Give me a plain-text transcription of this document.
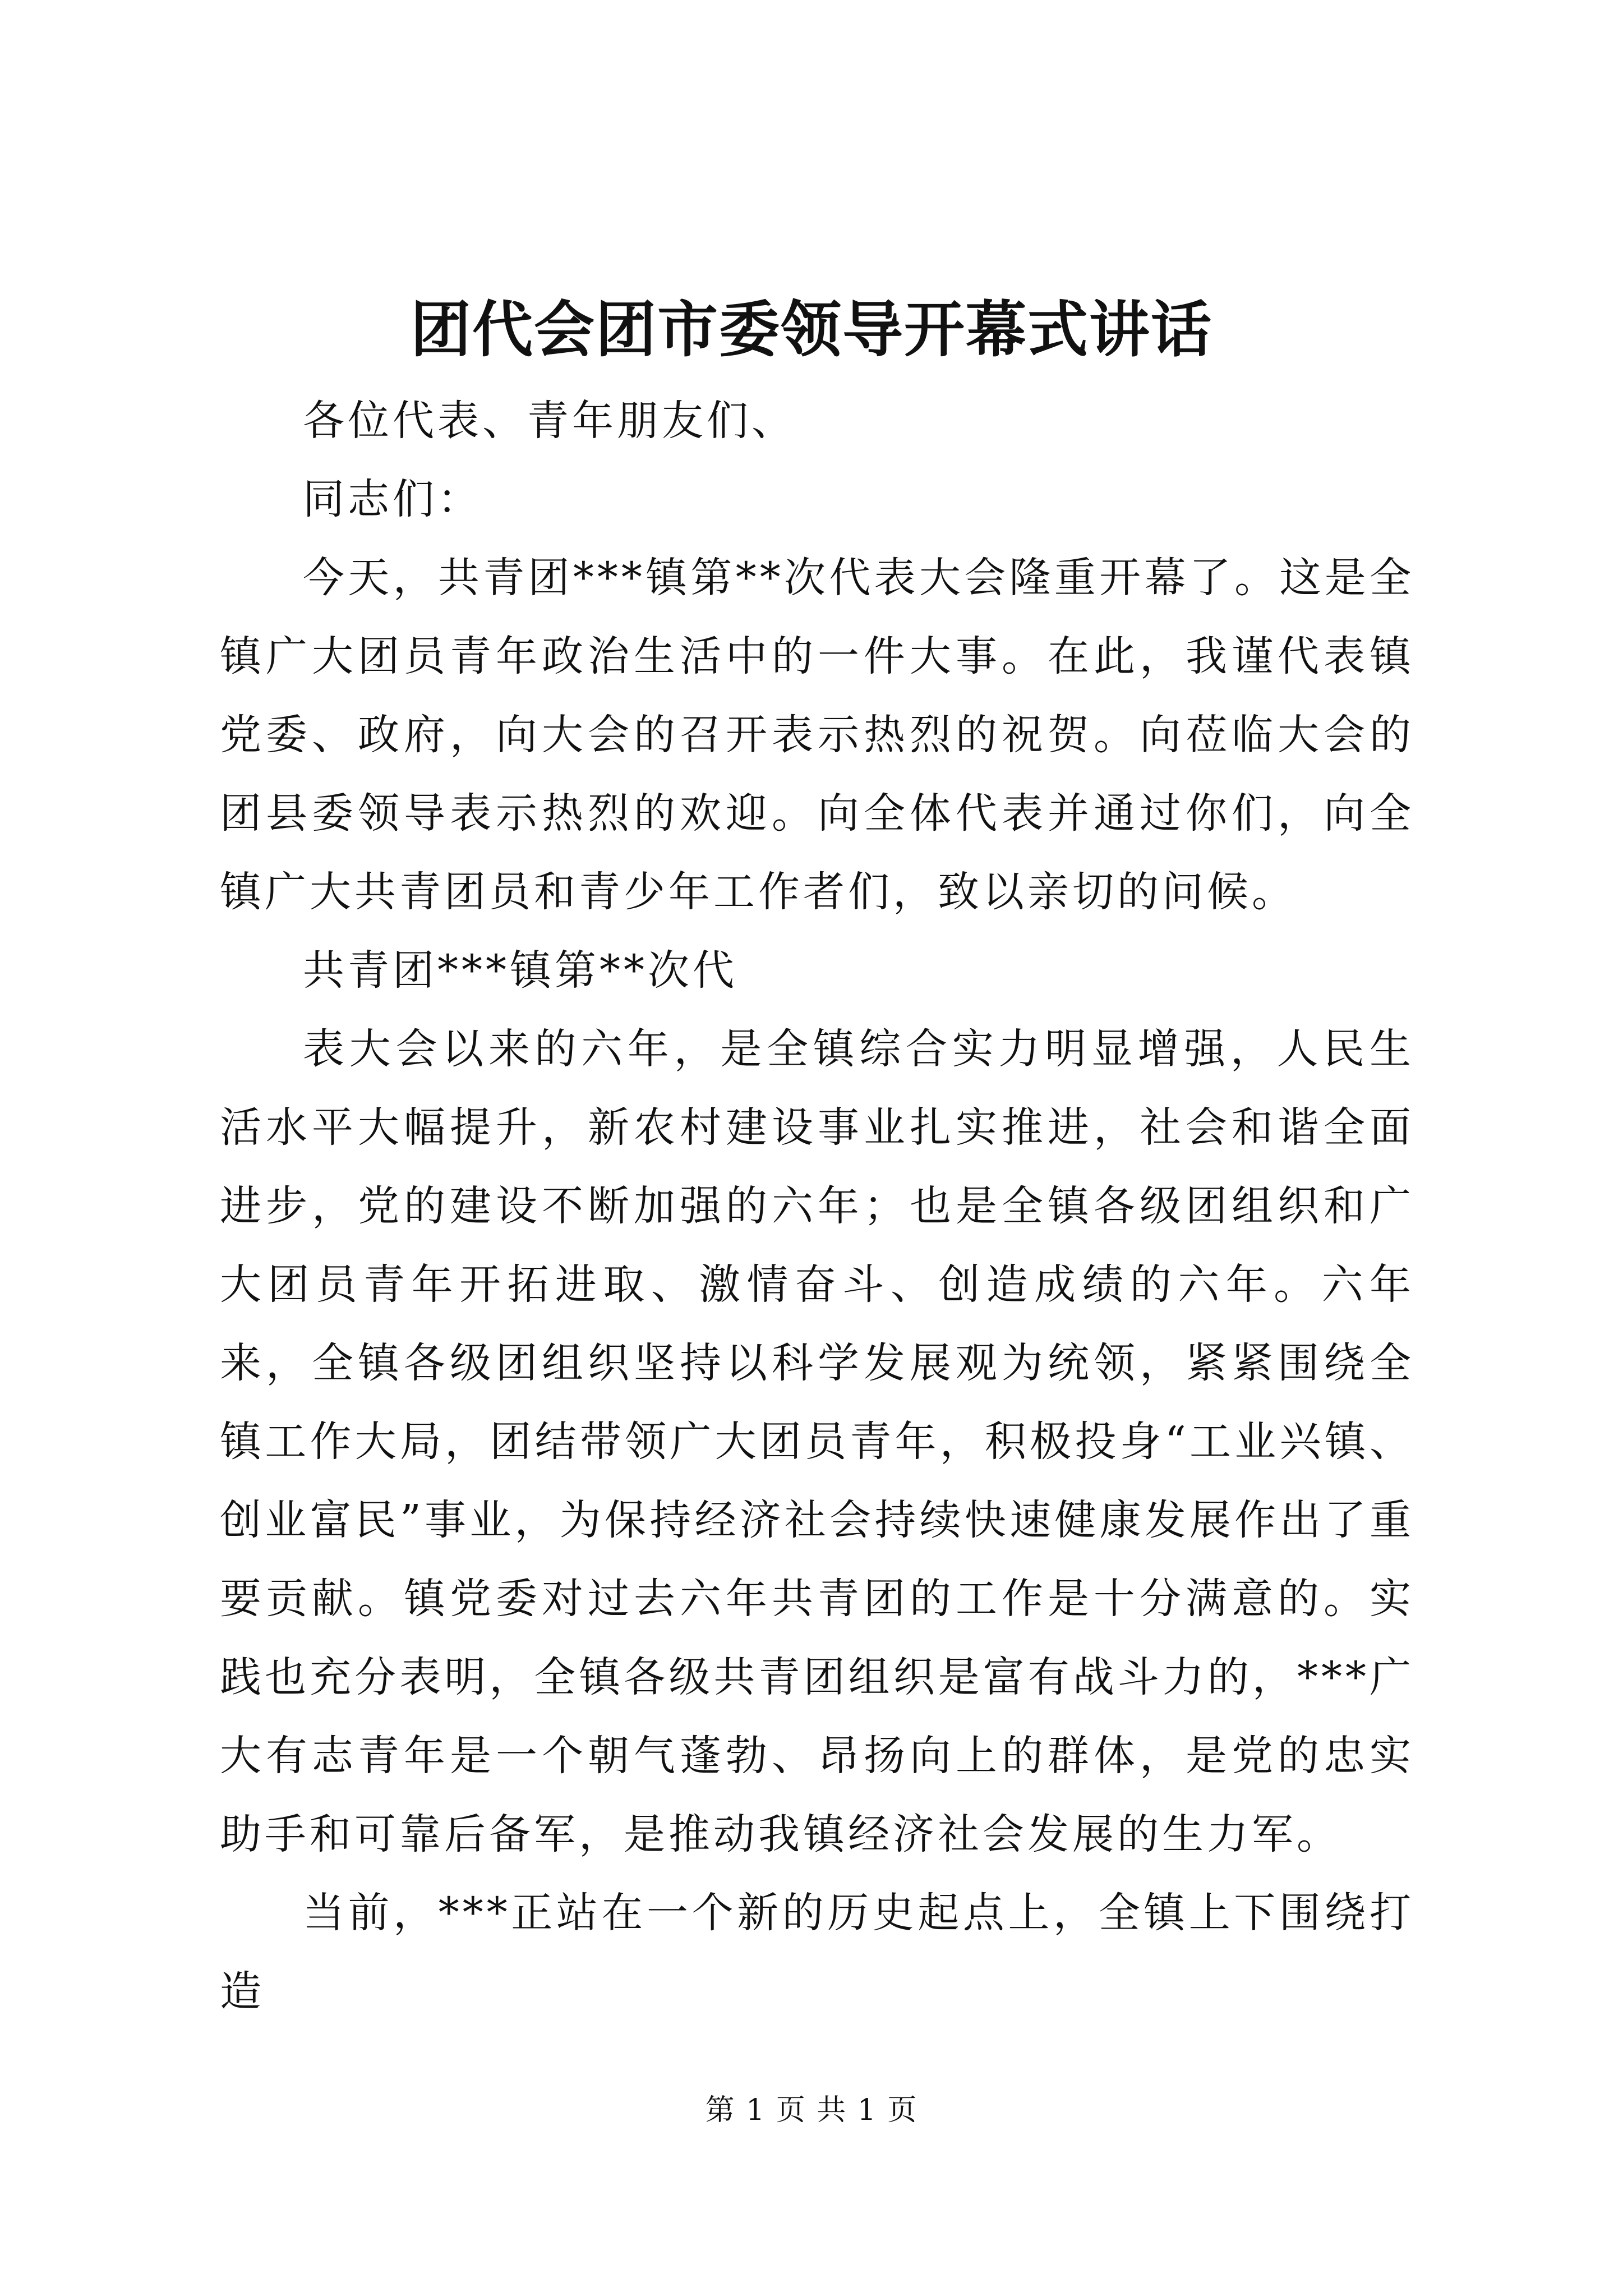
团代会团市委领导开幕式讲话

各位代表、青年朋友们、

同志们：

今天，共青团***镇第**次代表大会隆重开幕了。这是全镇广大团员青年政治生活中的一件大事。在此，我谨代表镇党委、政府，向大会的召开表示热烈的祝贺。向莅临大会的团县委领导表示热烈的欢迎。向全体代表并通过你们，向全镇广大共青团员和青少年工作者们，致以亲切的问候。

共青团***镇第**次代

表大会以来的六年，是全镇综合实力明显增强，人民生活水平大幅提升，新农村建设事业扎实推进，社会和谐全面进步，党的建设不断加强的六年；也是全镇各级团组织和广大团员青年开拓进取、激情奋斗、创造成绩的六年。六年来，全镇各级团组织坚持以科学发展观为统领，紧紧围绕全镇工作大局，团结带领广大团员青年，积极投身“工业兴镇、创业富民”事业，为保持经济社会持续快速健康发展作出了重要贡献。镇党委对过去六年共青团的工作是十分满意的。实践也充分表明，全镇各级共青团组织是富有战斗力的，***广大有志青年是一个朝气蓬勃、昂扬向上的群体，是党的忠实助手和可靠后备军，是推动我镇经济社会发展的生力军。

当前，***正站在一个新的历史起点上，全镇上下围绕打造

第 1 页 共 1 页
